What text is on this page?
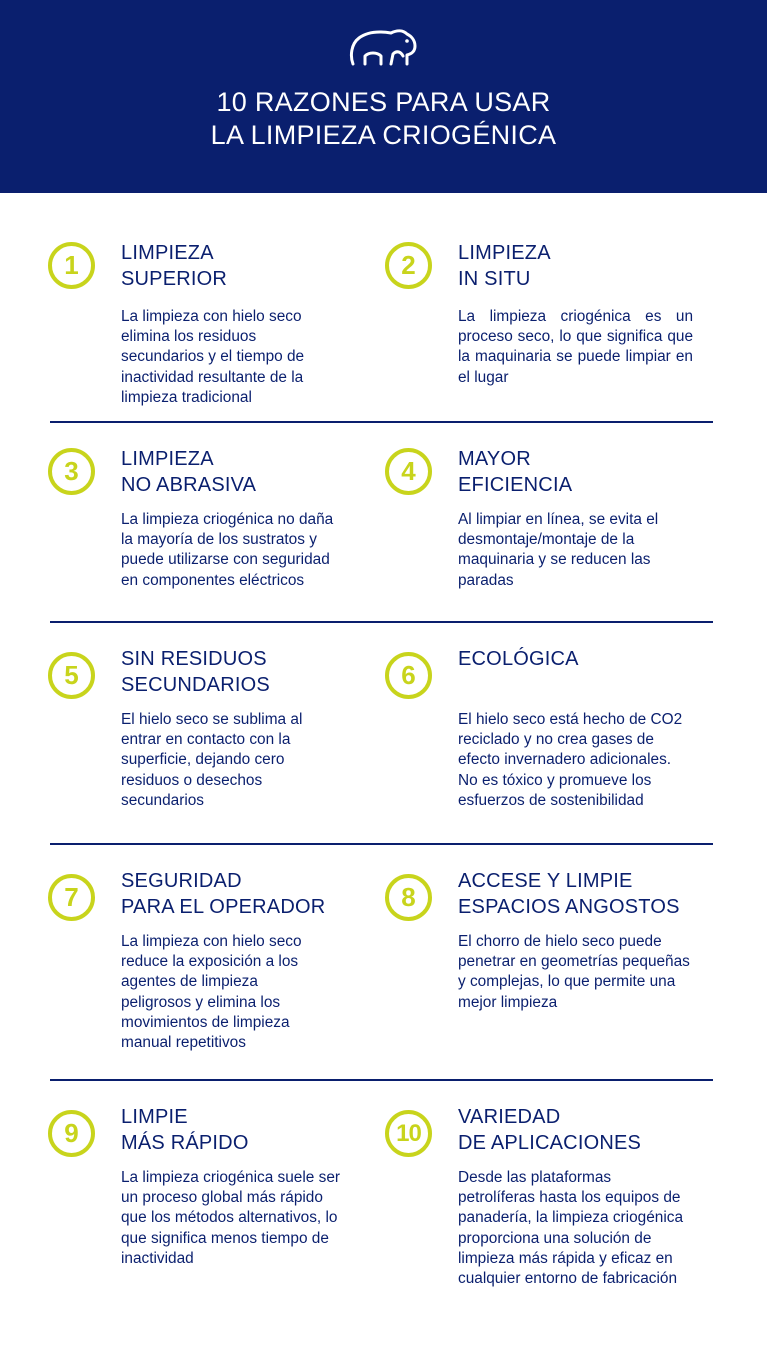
10 RAZONES PARA USAR
LA LIMPIEZA CRIOGÉNICA
1	LIMPIEZA
SUPERIOR
La limpieza con hielo seco elimina los residuos secundarios y el tiempo de inactividad resultante de la limpieza tradicional
2	LIMPIEZA
IN SITU
La limpieza criogénica es un proceso seco, lo que significa que la maquinaria se puede limpiar en el lugar
3	LIMPIEZA
NO ABRASIVA
La limpieza criogénica no daña la mayoría de los sustratos y puede utilizarse con seguridad en componentes eléctricos
4	MAYOR
EFICIENCIA
Al limpiar en línea, se evita el desmontaje/montaje de la maquinaria y se reducen las paradas
5
SIN RESIDUOS
SECUNDARIOS
El hielo seco se sublima al entrar en contacto con la superficie, dejando cero residuos o desechos secundarios
6
ECOLÓGICA
El hielo seco está hecho de CO2 reciclado y no crea gases de efecto invernadero adicionales. No es tóxico y promueve los esfuerzos de sostenibilidad
7
SEGURIDAD
PARA EL OPERADOR
La limpieza con hielo seco reduce la exposición a los agentes de limpieza peligrosos y elimina los movimientos de limpieza manual repetitivos
8
ACCESE Y LIMPIE
ESPACIOS ANGOSTOS
El chorro de hielo seco puede penetrar en geometrías pequeñas y complejas, lo que permite una mejor limpieza
9
LIMPIE
MÁS RÁPIDO
La limpieza criogénica suele ser un proceso global más rápido que los métodos alternativos, lo que significa menos tiempo de inactividad
10
VARIEDAD
DE APLICACIONES
Desde las plataformas petrolíferas hasta los equipos de panadería, la limpieza criogénica proporciona una solución de limpieza más rápida y eficaz en cualquier entorno de fabricación
